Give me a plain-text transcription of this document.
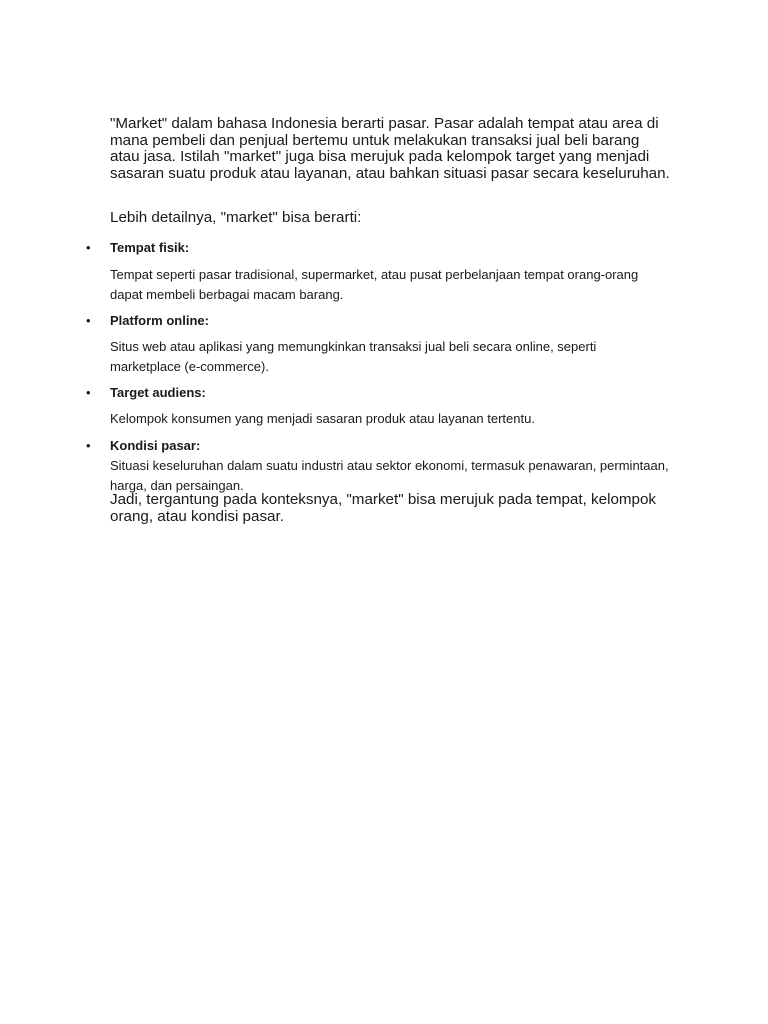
"Market" dalam bahasa Indonesia berarti pasar. Pasar adalah tempat atau area di mana pembeli dan penjual bertemu untuk melakukan transaksi jual beli barang atau jasa. Istilah "market" juga bisa merujuk pada kelompok target yang menjadi sasaran suatu produk atau layanan, atau bahkan situasi pasar secara keseluruhan.

Lebih detailnya, "market" bisa berarti:

• Tempat fisik:

Tempat seperti pasar tradisional, supermarket, atau pusat perbelanjaan tempat orang-orang dapat membeli berbagai macam barang.

• Platform online:

Situs web atau aplikasi yang memungkinkan transaksi jual beli secara online, seperti marketplace (e-commerce).

• Target audiens:

Kelompok konsumen yang menjadi sasaran produk atau layanan tertentu.

• Kondisi pasar:

Situasi keseluruhan dalam suatu industri atau sektor ekonomi, termasuk penawaran, permintaan, harga, dan persaingan.

Jadi, tergantung pada konteksnya, "market" bisa merujuk pada tempat, kelompok orang, atau kondisi pasar.
